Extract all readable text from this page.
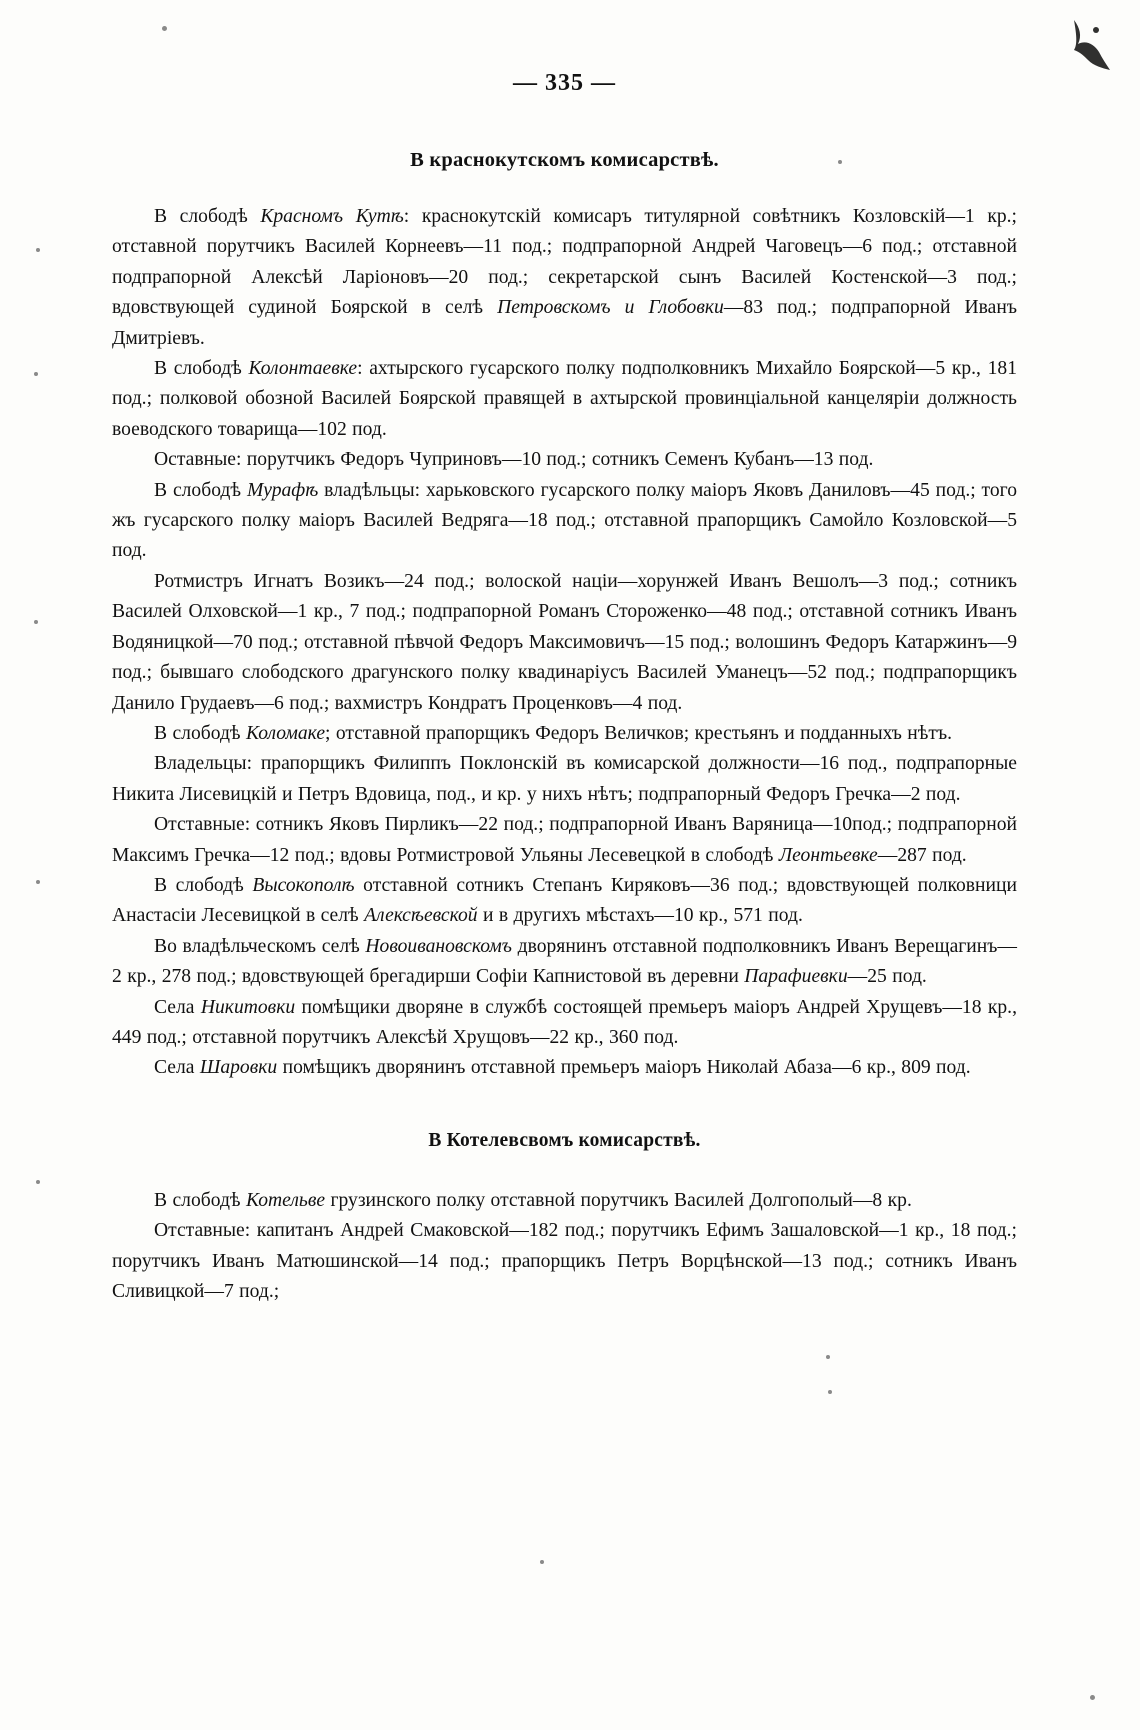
— 335 —
В краснокутскомъ комисарствѣ.

В слободѣ Красномъ Кутѣ: краснокутскій комисаръ титулярной совѣтникъ Козловскiй—1 кр.; отставной порутчикъ Василей Корнеевъ—11 под.; подпрапорной Андрей Чаговецъ—6 под.; отставной подпрапорной Алексѣй Ларіоновъ—20 под.; секретарской сынъ Василей Костенской—3 под.; вдовствующей судиной Боярской в селѣ Петровскомъ и Глобовки—83 под.; подпрапорной Иванъ Дмитріевъ.

В слободѣ Колонтаевке: ахтырского гусарского полку подполковникъ Михайло Боярской—5 кр., 181 под.; полковой обозной Василей Боярской правящей в ахтырской провинціальной канцеляріи должность воеводского товарища—102 под.

Оставные: порутчикъ Федоръ Чуприновъ—10 под.; сотникъ Семенъ Кубанъ—13 под.

В слободѣ Мурафѣ владѣльцы: харьковского гусарского полку маіоръ Яковъ Даниловъ—45 под.; того жъ гусарского полку маіоръ Василей Ведряга—18 под.; отставной прапорщикъ Самойло Козловской—5 под.

Ротмистръ Игнатъ Возикъ—24 под.; волоской націи—хорунжей Иванъ Вешолъ—3 под.; сотникъ Василей Олховской—1 кр., 7 под.; подпрапорной Романъ Стороженко—48 под.; отставной сотникъ Иванъ Водяницкой—70 под.; отставной пѣвчой Федоръ Максимовичъ—15 под.; волошинъ Федоръ Катаржинъ—9 под.; бывшаго слободского драгунского полку квадинаріусъ Василей Уманецъ—52 под.; подпрапорщикъ Данило Грудаевъ—6 под.; вахмистръ Кондратъ Проценковъ—4 под.

В слободѣ Коломаке; отставной прапорщикъ Федоръ Величков; крестьянъ и подданныхъ нѣтъ.

Владельцы: прапорщикъ Филиппъ Поклонскій въ комисарской должности—16 под., подпрапорные Никита Лисевицкій и Петръ Вдовица, под., и кр. у нихъ нѣтъ; подпрапорный Федоръ Гречка—2 под.

Отставные: сотникъ Яковъ Пирликъ—22 под.; подпрапорной Иванъ Варяница—10под.; подпрапорной Максимъ Гречка—12 под.; вдовы Ротмистровой Ульяны Лесевецкой в слободѣ Леонтьевке—287 под.

В слободѣ Высокополѣ отставной сотникъ Степанъ Киряковъ—36 под.; вдовствующей полковници Анастасіи Лесевицкой в селѣ Алексѣевской и в другихъ мѣстахъ—10 кр., 571 под.

Во владѣльческомъ селѣ Новоивановскомъ дворянинъ отставной подполковникъ Иванъ Верещагинъ—2 кр., 278 под.; вдовствующей брегадирши Софіи Капнистовой въ деревни Парафиевки—25 под.

Села Никитовки помѣщики дворяне в службѣ состоящей премьеръ маіоръ Андрей Хрущевъ—18 кр., 449 под.; отставной порутчикъ Алексѣй Хрущовъ—22 кр., 360 под.

Села Шаровки помѣщикъ дворянинъ отставной премьеръ маіоръ Николай Абаза—6 кр., 809 под.

В Котелевсвомъ комисарствѣ.

В слободѣ Котельве грузинского полку отставной порутчикъ Василей Долгополый—8 кр.

Отставные: капитанъ Андрей Смаковской—182 под.; порутчикъ Ефимъ Зашаловской—1 кр., 18 под.; порутчикъ Иванъ Матюшинской—14 под.; прапорщикъ Петръ Ворцѣнской—13 под.; сотникъ Иванъ Сливицкой—7 под.;
